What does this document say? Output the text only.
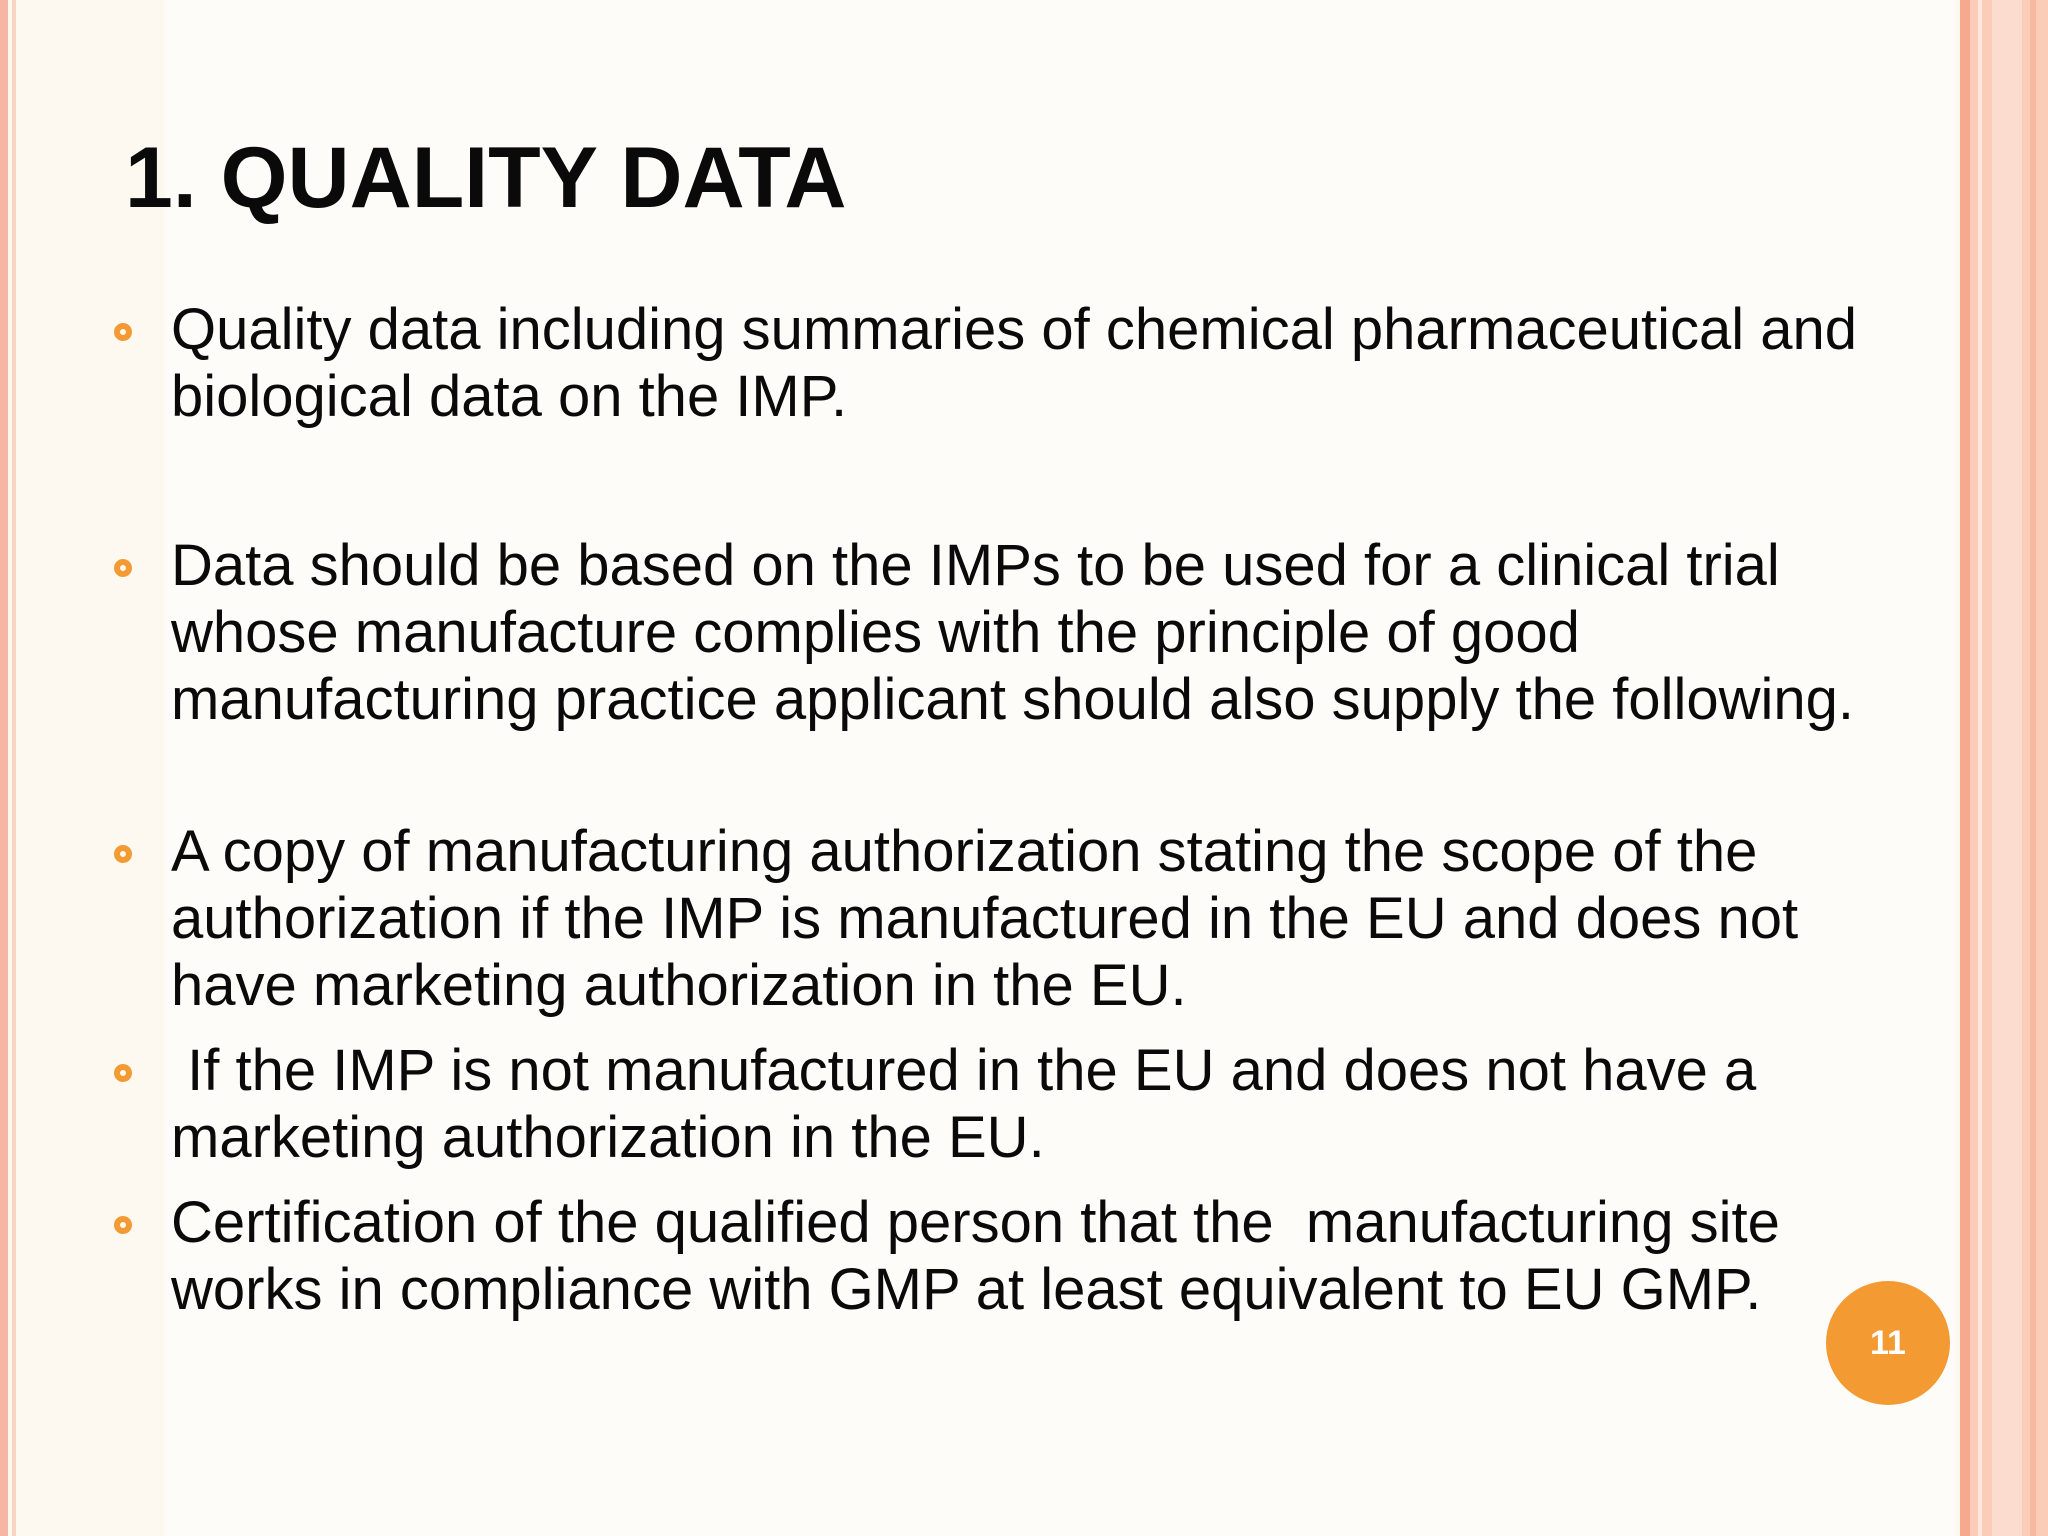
1. QUALITY DATA
Quality data including summaries of chemical pharmaceutical and biological data on the IMP.
Data should be based on the IMPs to be used for a clinical trial whose manufacture complies with the principle of good manufacturing practice applicant should also supply the following.
A copy of manufacturing authorization stating the scope of the authorization if the IMP is manufactured in the EU and does not have marketing authorization in the EU.
If the IMP is not manufactured in the EU and does not have a marketing authorization in the EU.
Certification of the qualified person that the  manufacturing site works in compliance with GMP at least equivalent to EU GMP.
11
